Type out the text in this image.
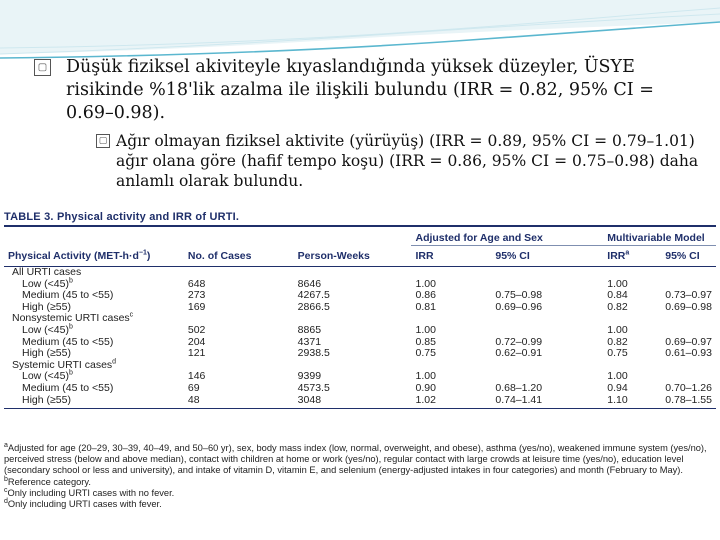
▢ Düşük fiziksel akiviteyle kıyaslandığında yüksek düzeyler, ÜSYE risikinde %18'lik azalma ile ilişkili bulundu (IRR = 0.82, 95% CI = 0.69–0.98).
▢ Ağır olmayan fiziksel aktivite (yürüyüş) (IRR = 0.89, 95% CI = 0.79–1.01) ağır olana göre (hafif tempo koşu) (IRR = 0.86, 95% CI = 0.75–0.98) daha anlamlı olarak bulundu.
TABLE 3. Physical activity and IRR of URTI.

			Adjusted for Age and Sex		Multivariable Model	
Physical Activity $(MET-h\cdot d^{-1})$	No. of Cases	Person-Weeks	IRR	95% CI	IRR$^a$	95% CI
All URTI cases						
Low (<45)$^b$	648	8646	1.00		1.00	
Medium (45 to <55)	273	4267.5	0.86	0.75–0.98	0.84	0.73–0.97
High (≥55)	169	2866.5	0.81	0.69–0.96	0.82	0.69–0.98
Nonsystemic URTI cases$^c$						
Low (<45)$^b$	502	8865	1.00		1.00	
Medium (45 to <55)	204	4371	0.85	0.72–0.99	0.82	0.69–0.97
High (≥55)	121	2938.5	0.75	0.62–0.91	0.75	0.61–0.93
Systemic URTI cases$^d$						
Low (<45)$^b$	146	9399	1.00		1.00	
Medium (45 to <55)	69	4573.5	0.90	0.68–1.20	0.94	0.70–1.26
High (≥55)	48	3048	1.02	0.74–1.41	1.10	0.78–1.55

$^a$Adjusted for age (20–29, 30–39, 40–49, and 50–60 yr), sex, body mass index (low, normal, overweight, and obese), asthma (yes/no), weakened immune system (yes/no), perceived stress (below and above median), contact with children at home or work (yes/no), regular contact with large crowds at leisure time (yes/no), education level (secondary school or less and university), and intake of vitamin D, vitamin E, and selenium (energy-adjusted intakes in four categories) and month (February to May).
$^b$Reference category.
$^c$Only including URTI cases with no fever.
$^d$Only including URTI cases with fever.
